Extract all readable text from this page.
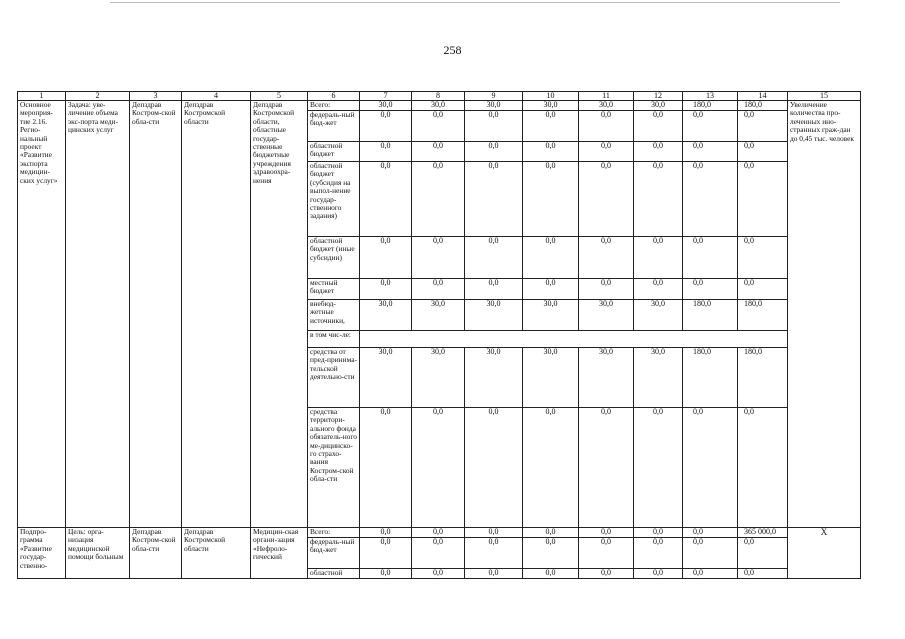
258
1	2	3	4	5	6	7	8	9	10	11	12	13	14	15
Основное мероприя-тие 2.16. Регио-нальный проект «Развитие экспорта медицин-ских услуг»	Задача: уве-личение объема экс-порта меди-цинских услуг	Депздрав Костром-ской обла-сти	Депздрав Костромской области	Депздрав Костромской области, областные государ-ственные бюджетные учреждения здравоохра-нения	Всего:	30,0	30,0	30,0	30,0	30,0	30,0	180,0	180,0	Увеличение количества про-леченных ино-странных граж-дан до 0,45 тыс. человек
					федераль-ный бюд-жет	0,0	0,0	0,0	0,0	0,0	0,0	0,0	0,0	
					областной бюджет	0,0	0,0	0,0	0,0	0,0	0,0	0,0	0,0	
					областной бюджет (субсидия на выпол-нение государ-ственного задания)	0,0	0,0	0,0	0,0	0,0	0,0	0,0	0,0	
					областной бюджет (иные субсидии)	0,0	0,0	0,0	0,0	0,0	0,0	0,0	0,0	
					местный бюджет	0,0	0,0	0,0	0,0	0,0	0,0	0,0	0,0	
					внебюд-жетные источники,	30,0	30,0	30,0	30,0	30,0	30,0	180,0	180,0	
					в том чис-ле:									
					средства от пред-принима-тельской деятельно-сти	30,0	30,0	30,0	30,0	30,0	30,0	180,0	180,0	
					средства территори-ального фонда обязатель-ного ме-дицинско-го страхо-вания Костром-ской обла-сти	0,0	0,0	0,0	0,0	0,0	0,0	0,0	0,0	
Подпро-грамма «Развитие государ-ственно-	Цель: орга-низация медицинской помощи больным	Депздрав Костром-ской обла-сти	Депздрав Костромской области	Медицин-ская органи-зация «Нефроло-гический	Всего:	0,0	0,0	0,0	0,0	0,0	0,0	0,0	365 000,0	Х
					федераль-ный бюд-жет	0,0	0,0	0,0	0,0	0,0	0,0	0,0	0,0	
					областной	0,0	0,0	0,0	0,0	0,0	0,0	0,0	0,0	
